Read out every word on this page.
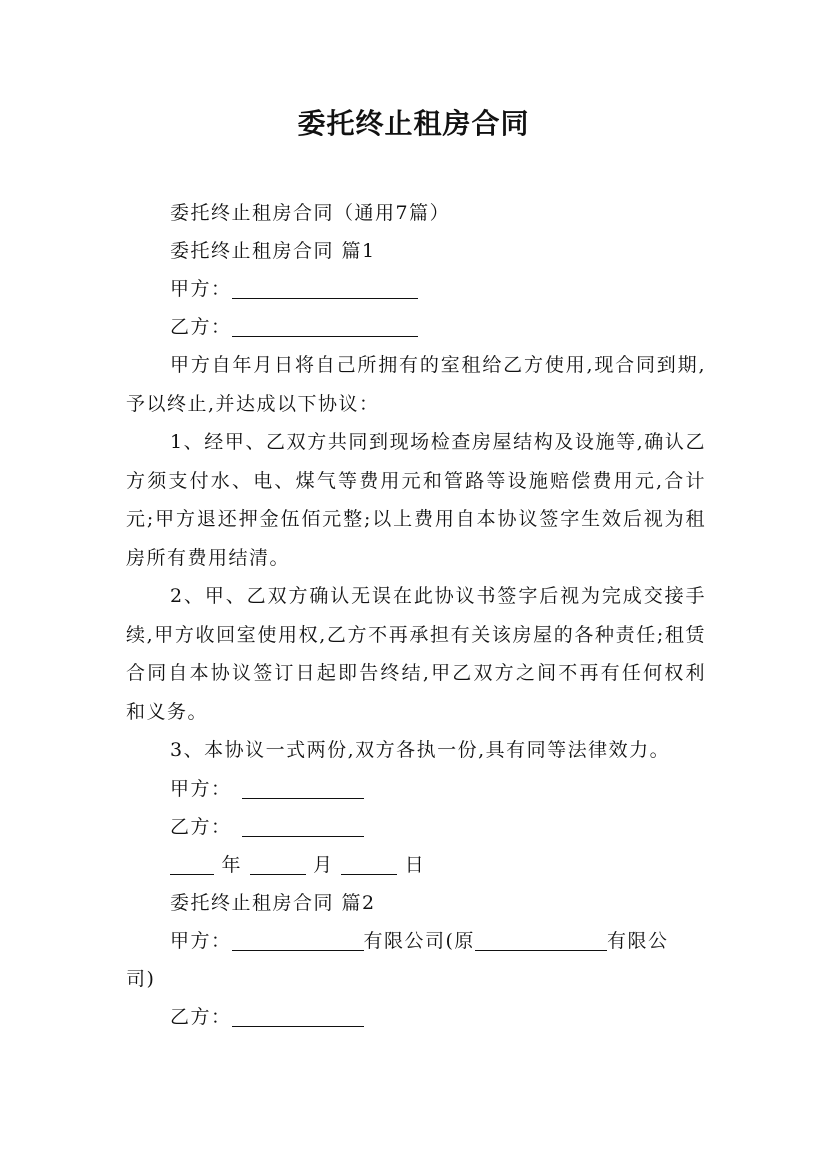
委托终止租房合同
委托终止租房合同（通用7篇）
委托终止租房合同 篇1
甲方：
乙方：

甲方自年月日将自己所拥有的室租给乙方使用,现合同到期,予以终止,并达成以下协议：

1、经甲、乙双方共同到现场检查房屋结构及设施等,确认乙方须支付水、电、煤气等费用元和管路等设施赔偿费用元,合计元;甲方退还押金伍佰元整;以上费用自本协议签字生效后视为租房所有费用结清。

2、甲、乙双方确认无误在此协议书签字后视为完成交接手续,甲方收回室使用权,乙方不再承担有关该房屋的各种责任;租赁合同自本协议签订日起即告终结,甲乙双方之间不再有任何权利和义务。

3、本协议一式两份,双方各执一份,具有同等法律效力。

甲方：
乙方：
年	月	日
委托终止租房合同 篇2
甲方：	有限公司(原	有限公
司)
乙方：
